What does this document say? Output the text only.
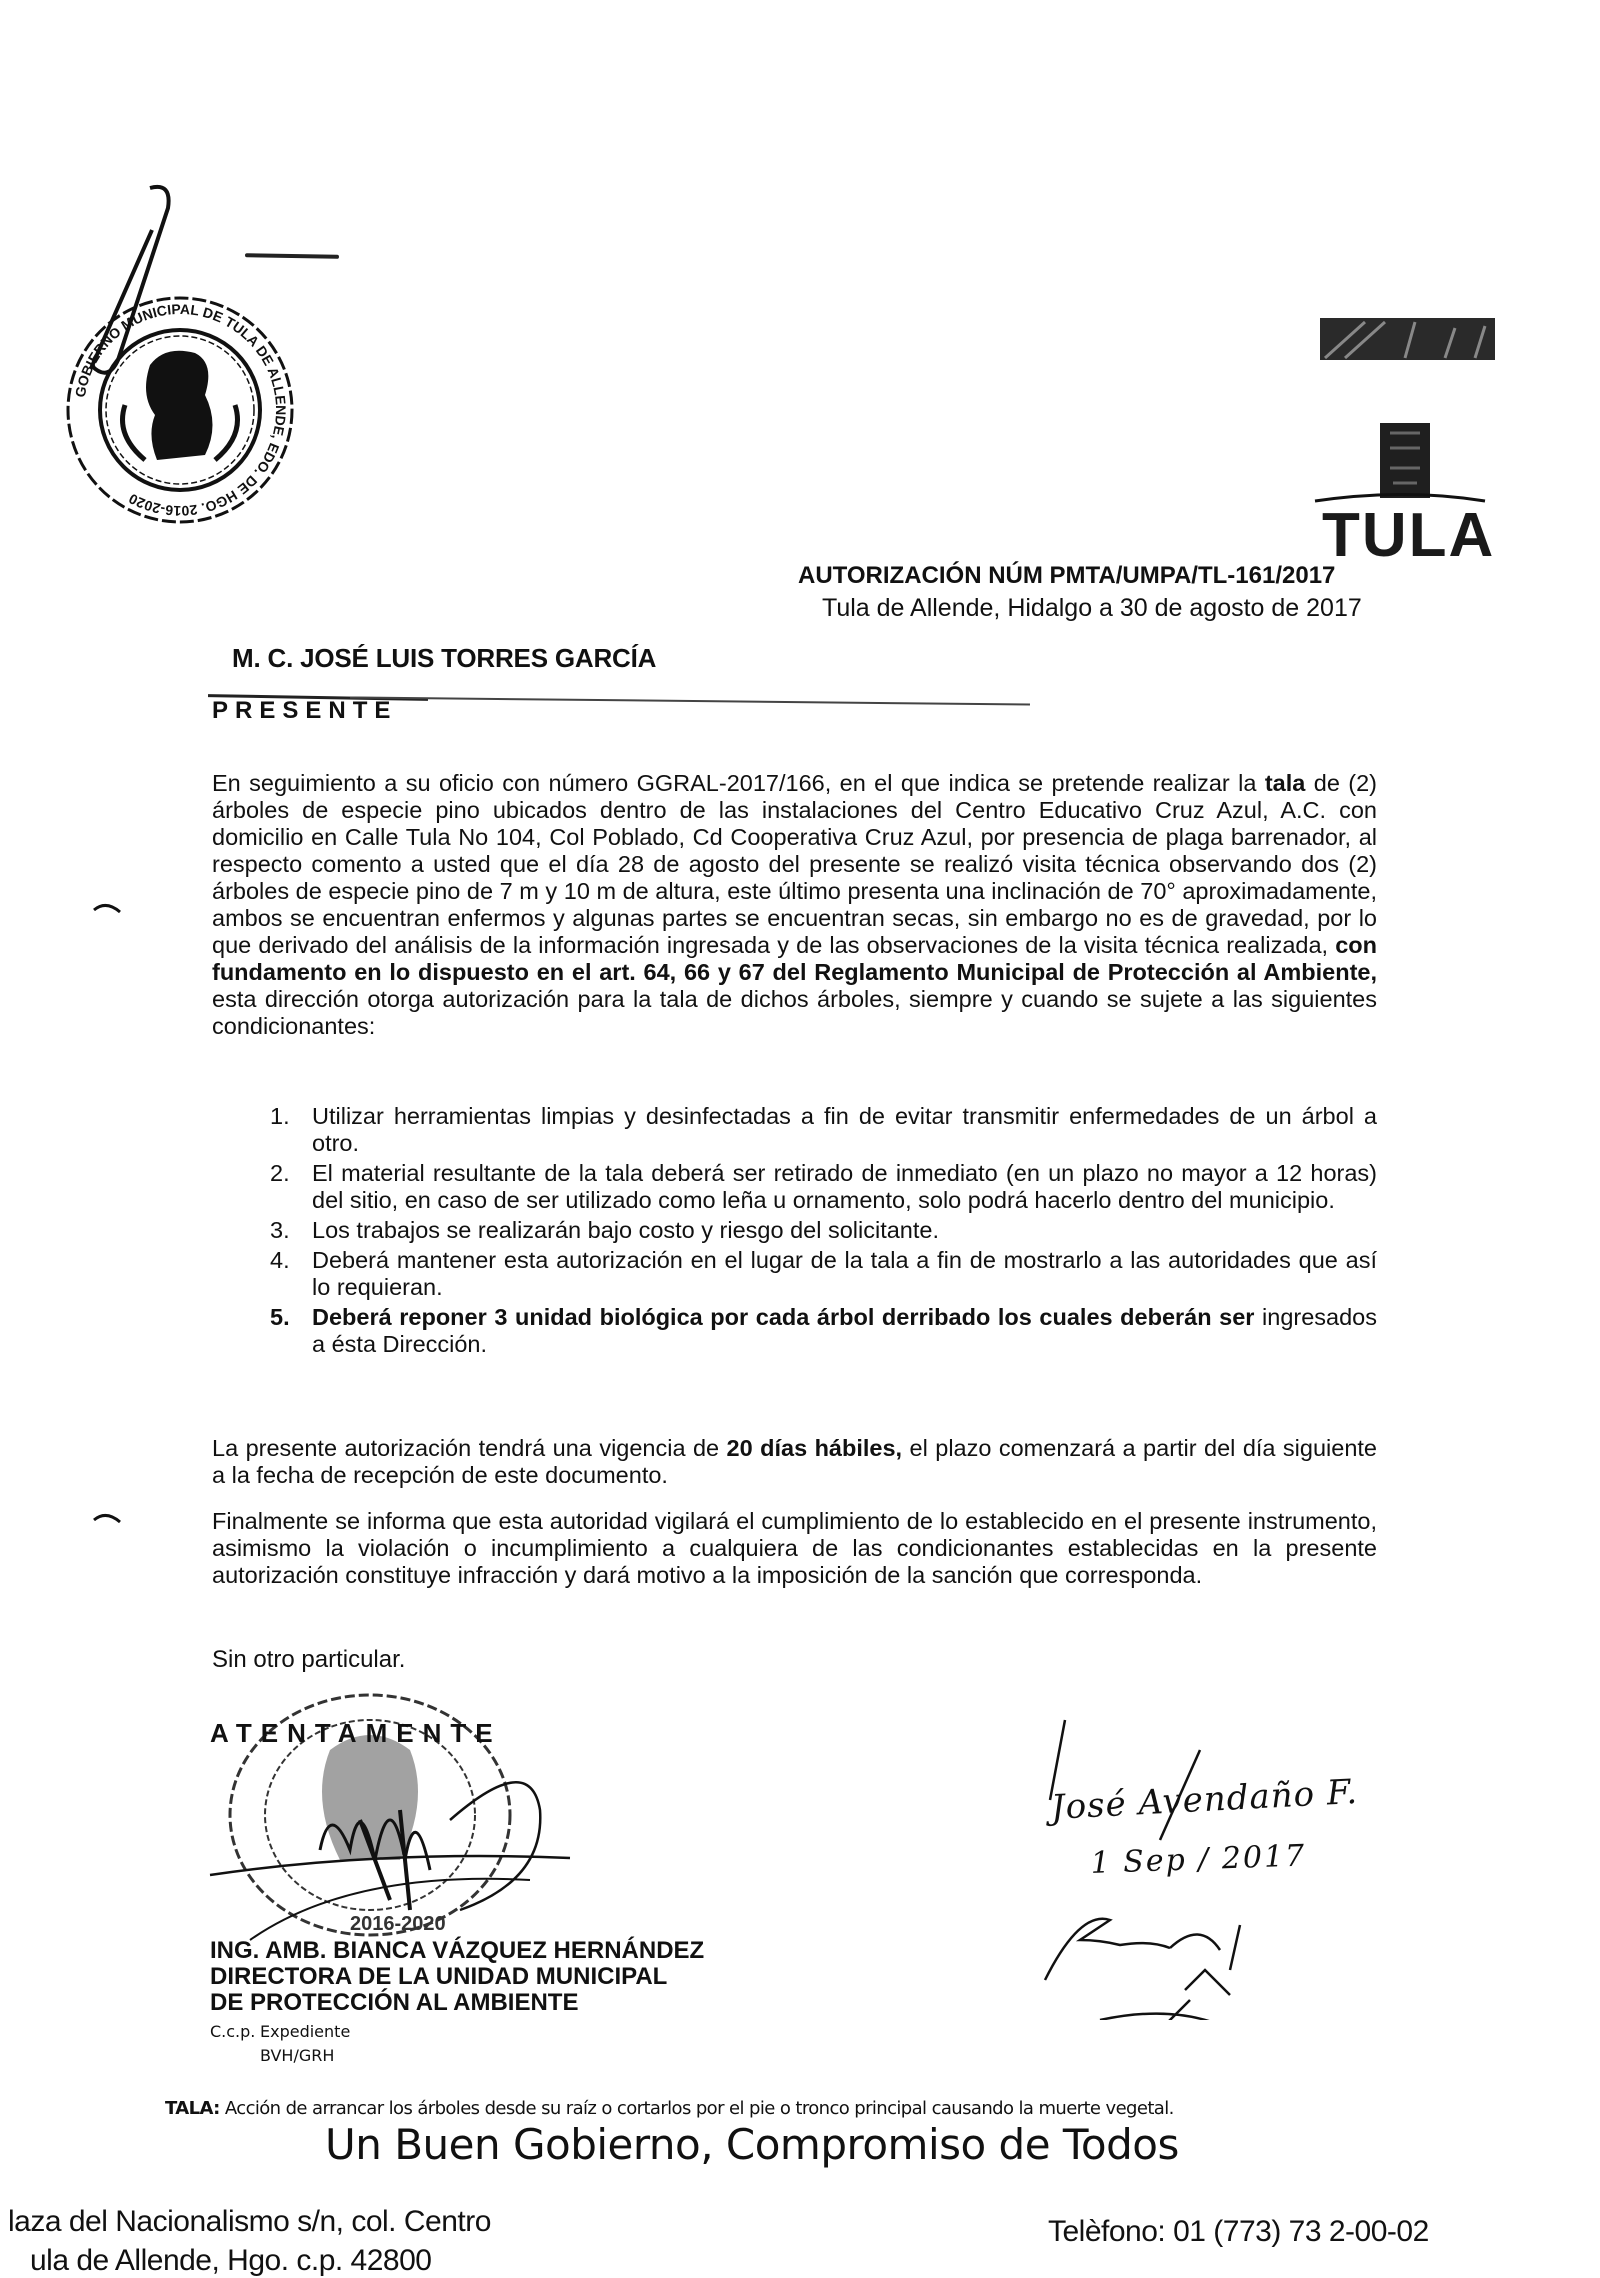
GOBIERNO MUNICIPAL DE TULA DE ALLENDE, EDO. DE HGO. 2016-2020
TULA
AUTORIZACIÓN NÚM PMTA/UMPA/TL-161/2017
Tula de Allende, Hidalgo a 30 de agosto de 2017
M. C. JOSÉ LUIS TORRES GARCÍA
PRESENTE
En seguimiento a su oficio con número GGRAL-2017/166, en el que indica se pretende realizar la tala de (2) árboles de especie pino ubicados dentro de las instalaciones del Centro Educativo Cruz Azul, A.C. con domicilio en Calle Tula No 104, Col Poblado, Cd Cooperativa Cruz Azul, por presencia de plaga barrenador, al respecto comento a usted que el día 28 de agosto del presente se realizó visita técnica observando dos (2) árboles de especie pino de 7 m y 10 m de altura, este último presenta una inclinación de 70° aproximadamente, ambos se encuentran enfermos y algunas partes se encuentran secas, sin embargo no es de gravedad, por lo que derivado del análisis de la información ingresada y de las observaciones de la visita técnica realizada, con fundamento en lo dispuesto en el art. 64, 66 y 67 del Reglamento Municipal de Protección al Ambiente, esta dirección otorga autorización para la tala de dichos árboles, siempre y cuando se sujete a las siguientes condicionantes:
1. Utilizar herramientas limpias y desinfectadas a fin de evitar transmitir enfermedades de un árbol a otro.
2. El material resultante de la tala deberá ser retirado de inmediato (en un plazo no mayor a 12 horas) del sitio, en caso de ser utilizado como leña u ornamento, solo podrá hacerlo dentro del municipio.
3. Los trabajos se realizarán bajo costo y riesgo del solicitante.
4. Deberá mantener esta autorización en el lugar de la tala a fin de mostrarlo a las autoridades que así lo requieran.
5. Deberá reponer 3 unidad biológica por cada árbol derribado los cuales deberán ser ingresados a ésta Dirección.
La presente autorización tendrá una vigencia de 20 días hábiles, el plazo comenzará a partir del día siguiente a la fecha de recepción de este documento.
Finalmente se informa que esta autoridad vigilará el cumplimiento de lo establecido en el presente instrumento, asimismo la violación o incumplimiento a cualquiera de las condicionantes establecidas en la presente autorización constituye infracción y dará motivo a la imposición de la sanción que corresponda.
Sin otro particular.
2016-2020
ATENTAMENTE
ING. AMB. BIANCA VÁZQUEZ HERNÁNDEZ
DIRECTORA DE LA UNIDAD MUNICIPAL
DE PROTECCIÓN AL AMBIENTE
C.c.p. Expediente
BVH/GRH
José Avendaño F.
1 Sep / 2017
TALA: Acción de arrancar los árboles desde su raíz o cortarlos por el pie o tronco principal causando la muerte vegetal.
Un Buen Gobierno, Compromiso de Todos
laza del Nacionalismo s/n, col. Centro
ula de Allende, Hgo. c.p. 42800
Telèfono: 01 (773) 73 2-00-02
